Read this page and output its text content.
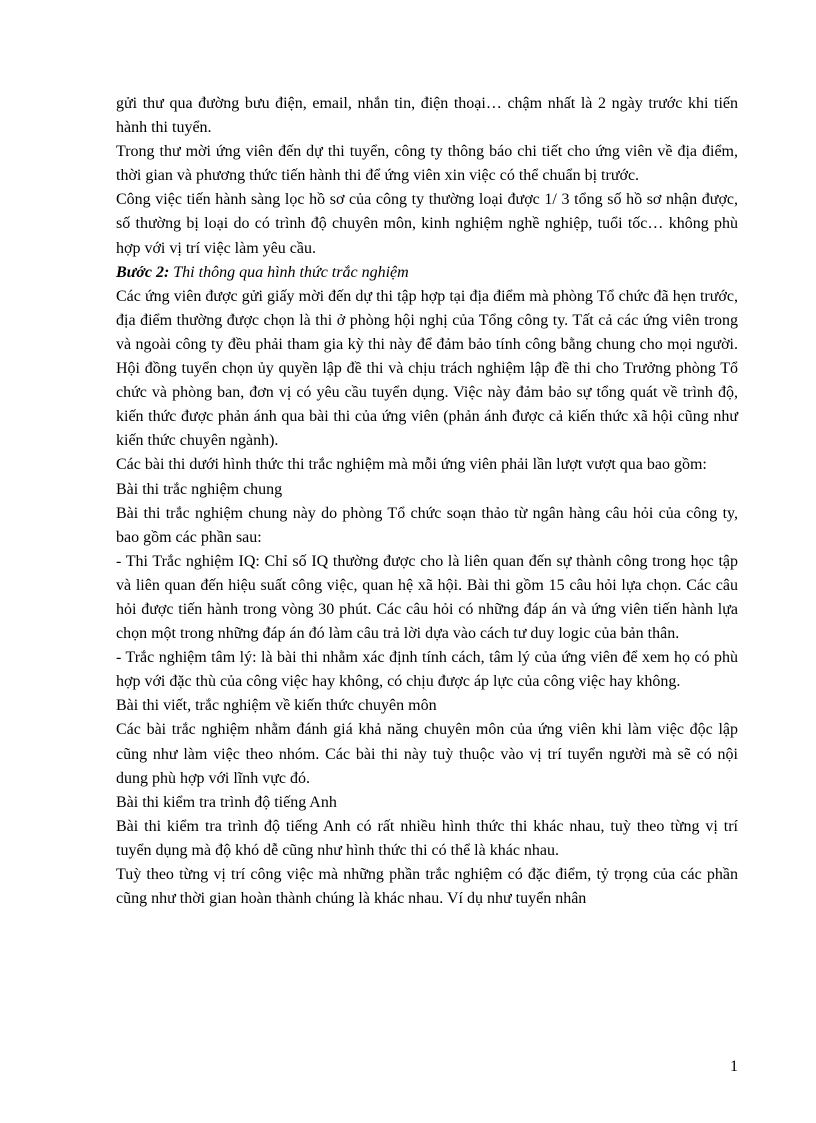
gửi thư qua đường bưu điện, email, nhắn tin, điện thoại… chậm nhất là 2 ngày trước khi tiến hành thi tuyển.

Trong thư mời ứng viên đến dự thi tuyển, công ty thông báo chi tiết cho ứng viên về địa điểm, thời gian và phương thức tiến hành thi để ứng viên xin việc có thể chuẩn bị trước.

Công việc tiến hành sàng lọc hồ sơ của công ty thường loại được 1/ 3 tổng số hồ sơ nhận được, số thường bị loại do có trình độ chuyên môn, kinh nghiệm nghề nghiệp, tuổi tốc… không phù hợp với vị trí việc làm yêu cầu.

Bước 2: Thi thông qua hình thức trắc nghiệm

Các ứng viên được gửi giấy mời đến dự thi tập hợp tại địa điểm mà phòng Tổ chức đã hẹn trước, địa điểm thường được chọn là thi ở phòng hội nghị của Tổng công ty. Tất cả các ứng viên trong và ngoài công ty đều phải tham gia kỳ thi này để đảm bảo tính công bằng chung cho mọi người. Hội đồng tuyển chọn ủy quyền lập đề thi và chịu trách nghiệm lập đề thi cho Trưởng phòng Tổ chức và phòng ban, đơn vị có yêu cầu tuyển dụng. Việc này đảm bảo sự tổng quát về trình độ, kiến thức được phản ánh qua bài thi của ứng viên (phản ánh được cả kiến thức xã hội cũng như kiến thức chuyên ngành).

Các bài thi dưới hình thức thi trắc nghiệm mà mỗi ứng viên phải lần lượt vượt qua bao gồm:

Bài thi trắc nghiệm chung

Bài thi trắc nghiệm chung này do phòng Tổ chức soạn thảo từ ngân hàng câu hỏi của công ty, bao gồm các phần sau:

- Thi Trắc nghiệm IQ: Chỉ số IQ thường được cho là liên quan đến sự thành công trong học tập và liên quan đến hiệu suất công việc, quan hệ xã hội. Bài thi gồm 15 câu hỏi lựa chọn. Các câu hỏi được tiến hành trong vòng 30 phút. Các câu hỏi có những đáp án và ứng viên tiến hành lựa chọn một trong những đáp án đó làm câu trả lời dựa vào cách tư duy logic của bản thân.

- Trắc nghiệm tâm lý: là bài thi nhằm xác định tính cách, tâm lý của ứng viên để xem họ có phù hợp với đặc thù của công việc hay không, có chịu được áp lực của công việc hay không.

Bài thi viết, trắc nghiệm về kiến thức chuyên môn

Các bài trắc nghiệm nhằm đánh giá khả năng chuyên môn của ứng viên khi làm việc độc lập cũng như làm việc theo nhóm. Các bài thi này tuỳ thuộc vào vị trí tuyển người mà sẽ có nội dung phù hợp với lĩnh vực đó.

Bài thi kiểm tra trình độ tiếng Anh

Bài thi kiểm tra trình độ tiếng Anh có rất nhiều hình thức thi khác nhau, tuỳ theo từng vị trí tuyển dụng mà độ khó dễ cũng như hình thức thi có thể là khác nhau.

Tuỳ theo từng vị trí công việc mà những phần trắc nghiệm có đặc điểm, tỷ trọng của các phần cũng như thời gian hoàn thành chúng là khác nhau. Ví dụ như tuyển nhân

1
